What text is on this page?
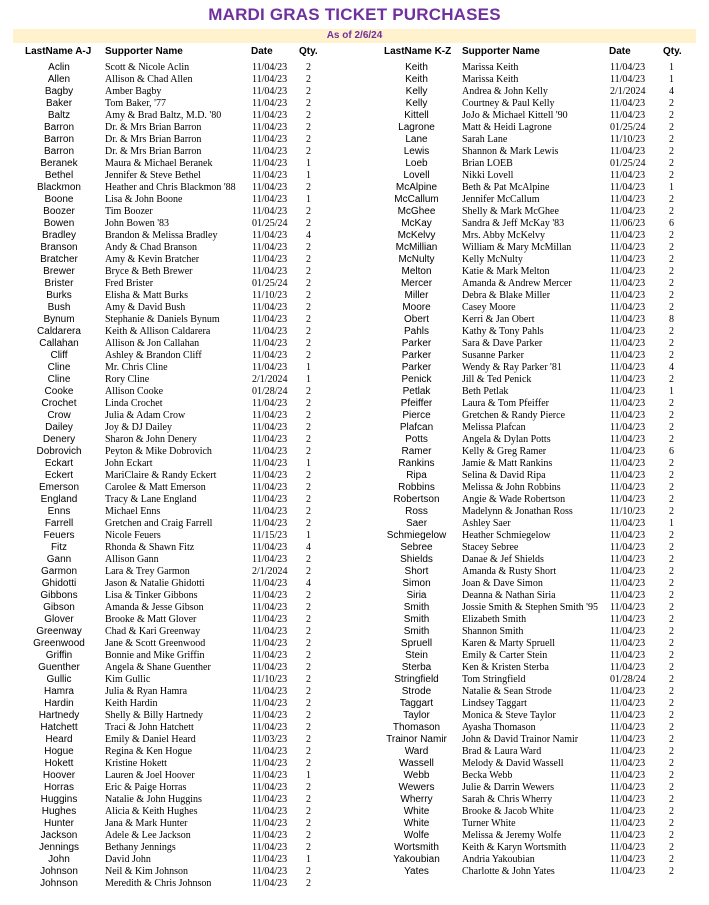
MARDI GRAS TICKET PURCHASES
As of 2/6/24
LastName A-J Supporter Name	Date	Qty.	LastName K-Z Supporter Name	Date	Qty.
Aclin	Scott & Nicole Aclin	11/04/23	2
Allen	Allison & Chad Allen	11/04/23	2
Bagby	Amber Bagby	11/04/23	2
Baker	Tom Baker, '77	11/04/23	2
Baltz	Amy & Brad Baltz, M.D. '80	11/04/23	2
Barron	Dr. & Mrs Brian Barron	11/04/23	2
Barron	Dr. & Mrs Brian Barron	11/04/23	2
Barron	Dr. & Mrs Brian Barron	11/04/23	2
Beranek	Maura & Michael Beranek	11/04/23	1
Bethel	Jennifer & Steve Bethel	11/04/23	1
Blackmon	Heather and Chris Blackmon '88	11/04/23	2
Boone	Lisa & John Boone	11/04/23	1
Boozer	Tim Boozer	11/04/23	2
Bowen	John Bowen '83	01/25/24	2
Bradley	Brandon & Melissa Bradley	11/04/23	4
Branson	Andy & Chad Branson	11/04/23	2
Bratcher	Amy & Kevin Bratcher	11/04/23	2
Brewer	Bryce & Beth Brewer	11/04/23	2
Brister	Fred Brister	01/25/24	2
Burks	Elisha & Matt Burks	11/10/23	2
Bush	Amy & David Bush	11/04/23	2
Bynum	Stephanie & Daniels Bynum	11/04/23	2
Caldarera	Keith & Allison Caldarera	11/04/23	2
Callahan	Allison & Jon Callahan	11/04/23	2
Cliff	Ashley & Brandon Cliff	11/04/23	2
Cline	Mr. Chris Cline	11/04/23	1
Cline	Rory Cline	2/1/2024	1
Cooke	Allison Cooke	01/28/24	2
Crochet	Linda Crochet	11/04/23	2
Crow	Julia & Adam Crow	11/04/23	2
Dailey	Joy & DJ Dailey	11/04/23	2
Denery	Sharon & John Denery	11/04/23	2
Dobrovich	Peyton & Mike Dobrovich	11/04/23	2
Eckart	John Eckart	11/04/23	1
Eckert	MariClaire & Randy Eckert	11/04/23	2
Emerson	Carolee & Matt Emerson	11/04/23	2
England	Tracy & Lane England	11/04/23	2
Enns	Michael Enns	11/04/23	2
Farrell	Gretchen and Craig Farrell	11/04/23	2
Feuers	Nicole Feuers	11/15/23	1
Fitz	Rhonda & Shawn Fitz	11/04/23	4
Gann	Allison Gann	11/04/23	2
Garmon	Lara & Trey Garmon	2/1/2024	2
Ghidotti	Jason & Natalie Ghidotti	11/04/23	4
Gibbons	Lisa & Tinker Gibbons	11/04/23	2
Gibson	Amanda & Jesse Gibson	11/04/23	2
Glover	Brooke & Matt Glover	11/04/23	2
Greenway	Chad & Kari Greenway	11/04/23	2
Greenwood	Jane & Scott Greenwood	11/04/23	2
Griffin	Bonnie and Mike Griffin	11/04/23	2
Guenther	Angela & Shane Guenther	11/04/23	2
Gullic	Kim Gullic	11/10/23	2
Hamra	Julia & Ryan Hamra	11/04/23	2
Hardin	Keith Hardin	11/04/23	2
Hartnedy	Shelly & Billy Hartnedy	11/04/23	2
Hatchett	Traci & John Hatchett	11/04/23	2
Heard	Emily & Daniel Heard	11/03/23	2
Hogue	Regina & Ken Hogue	11/04/23	2
Hokett	Kristine Hokett	11/04/23	2
Hoover	Lauren & Joel Hoover	11/04/23	1
Horras	Eric & Paige Horras	11/04/23	2
Huggins	Natalie & John Huggins	11/04/23	2
Hughes	Alicia & Keith Hughes	11/04/23	2
Hunter	Jana & Mark Hunter	11/04/23	2
Jackson	Adele & Lee Jackson	11/04/23	2
Jennings	Bethany Jennings	11/04/23	2
John	David John	11/04/23	1
Johnson	Neil & Kim Johnson	11/04/23	2
Johnson	Meredith & Chris Johnson	11/04/23	2
Keith	Marissa Keith	11/04/23	1
Keith	Marissa Keith	11/04/23	1
Kelly	Andrea & John Kelly	2/1/2024	4
Kelly	Courtney & Paul Kelly	11/04/23	2
Kittell	JoJo & Michael Kittell '90	11/04/23	2
Lagrone	Matt & Heidi Lagrone	01/25/24	2
Lane	Sarah Lane	11/10/23	2
Lewis	Shannon & Mark Lewis	11/04/23	2
Loeb	Brian LOEB	01/25/24	2
Lovell	Nikki Lovell	11/04/23	2
McAlpine	Beth & Pat McAlpine	11/04/23	1
McCallum	Jennifer McCallum	11/04/23	2
McGhee	Shelly & Mark McGhee	11/04/23	2
McKay	Sandra & Jeff McKay '83	11/06/23	6
McKelvy	Mrs. Abby McKelvy	11/04/23	2
McMillian	William & Mary McMillan	11/04/23	2
McNulty	Kelly McNulty	11/04/23	2
Melton	Katie & Mark Melton	11/04/23	2
Mercer	Amanda & Andrew Mercer	11/04/23	2
Miller	Debra & Blake Miller	11/04/23	2
Moore	Casey Moore	11/04/23	2
Obert	Kerri & Jan Obert	11/04/23	8
Pahls	Kathy & Tony Pahls	11/04/23	2
Parker	Sara & Dave Parker	11/04/23	2
Parker	Susanne Parker	11/04/23	2
Parker	Wendy & Ray Parker '81	11/04/23	4
Penick	Jill & Ted Penick	11/04/23	2
Petlak	Beth Petlak	11/04/23	1
Pfeiffer	Laura & Tom Pfeiffer	11/04/23	2
Pierce	Gretchen & Randy Pierce	11/04/23	2
Plafcan	Melissa Plafcan	11/04/23	2
Potts	Angela & Dylan Potts	11/04/23	2
Ramer	Kelly & Greg Ramer	11/04/23	6
Rankins	Jamie & Matt Rankins	11/04/23	2
Ripa	Selina & David Ripa	11/04/23	2
Robbins	Melissa & John Robbins	11/04/23	2
Robertson	Angie & Wade Robertson	11/04/23	2
Ross	Madelynn & Jonathan Ross	11/10/23	2
Saer	Ashley Saer	11/04/23	1
Schmiegelow	Heather Schmiegelow	11/04/23	2
Sebree	Stacey Sebree	11/04/23	2
Shields	Danae & Jef Shields	11/04/23	2
Short	Amanda & Rusty Short	11/04/23	2
Simon	Joan & Dave Simon	11/04/23	2
Siria	Deanna & Nathan Siria	11/04/23	2
Smith	Jossie Smith & Stephen Smith '95	11/04/23	2
Smith	Elizabeth Smith	11/04/23	2
Smith	Shannon Smith	11/04/23	2
Spruell	Karen & Marty Spruell	11/04/23	2
Stein	Emily & Carter Stein	11/04/23	2
Sterba	Ken & Kristen Sterba	11/04/23	2
Stringfield	Tom Stringfield	01/28/24	2
Strode	Natalie & Sean Strode	11/04/23	2
Taggart	Lindsey Taggart	11/04/23	2
Taylor	Monica & Steve Taylor	11/04/23	2
Thomason	Ayasha Thomason	11/04/23	2
Trainor Namir	John & David Trainor Namir	11/04/23	2
Ward	Brad & Laura Ward	11/04/23	2
Wassell	Melody & David Wassell	11/04/23	2
Webb	Becka Webb	11/04/23	2
Wewers	Julie & Darrin Wewers	11/04/23	2
Wherry	Sarah & Chris Wherry	11/04/23	2
White	Brooke & Jacob White	11/04/23	2
White	Turner White	11/04/23	2
Wolfe	Melissa & Jeremy Wolfe	11/04/23	2
Wortsmith	Keith & Karyn Wortsmith	11/04/23	2
Yakoubian	Andria Yakoubian	11/04/23	2
Yates	Charlotte & John Yates	11/04/23	2
